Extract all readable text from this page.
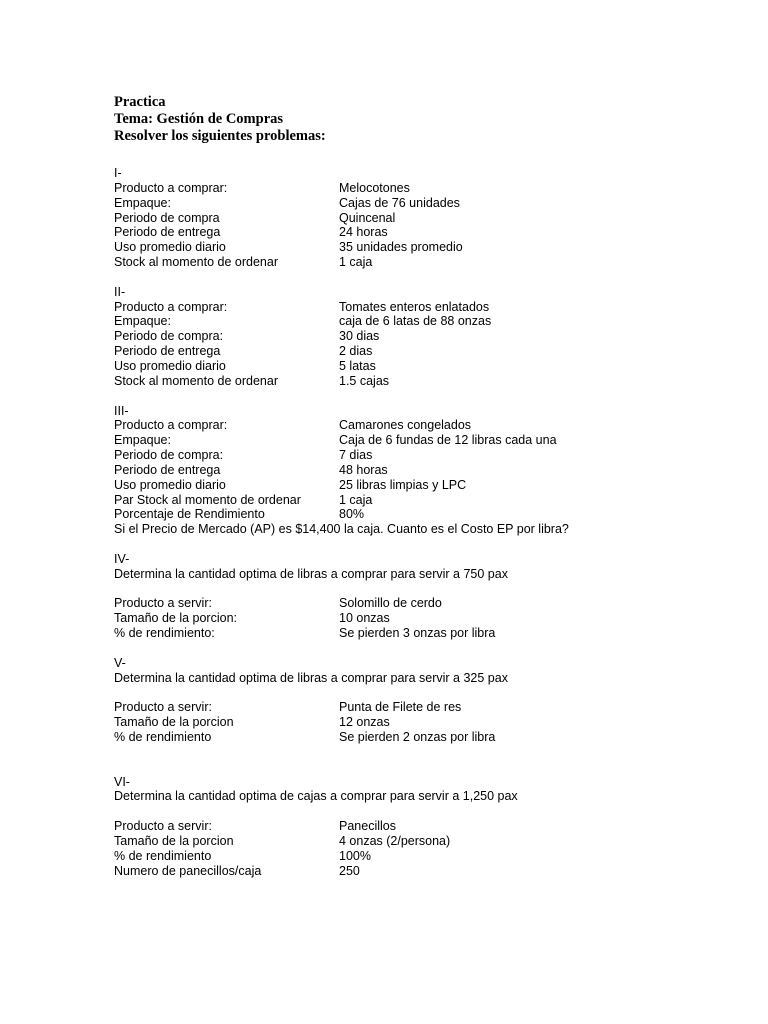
Practica
Tema: Gestión de Compras
Resolver los siguientes problemas:
I-
Producto a comprar:	Melocotones
Empaque:	Cajas de 76 unidades
Periodo de compra	Quincenal
Periodo de entrega	24 horas
Uso promedio diario	35 unidades promedio
Stock al momento de ordenar	1 caja
II-
Producto a comprar:	Tomates enteros enlatados
Empaque:	caja de 6 latas de 88 onzas
Periodo de compra:	30 dias
Periodo de entrega	2 dias
Uso promedio diario	5 latas
Stock al momento de ordenar	1.5 cajas
III-
Producto a comprar:	Camarones congelados
Empaque:	Caja de 6 fundas de 12 libras cada una
Periodo de compra:	7 dias
Periodo de entrega	48 horas
Uso promedio diario	25 libras limpias y LPC
Par Stock al momento de ordenar	1 caja
Porcentaje de Rendimiento	80%
Si el Precio de Mercado (AP) es $14,400 la caja. Cuanto es el Costo EP por libra?
IV-
Determina la cantidad optima de libras a comprar para servir a 750 pax
Producto a servir:	Solomillo de cerdo
Tamaño de la porcion:	10 onzas
% de rendimiento:	Se pierden 3 onzas por libra
V-
Determina la cantidad optima de libras a comprar para servir a 325 pax
Producto a servir:	Punta de Filete de res
Tamaño de la porcion	12 onzas
% de rendimiento	Se pierden 2 onzas por libra
VI-
Determina la cantidad optima de cajas a comprar para servir a 1,250 pax
Producto a servir:	Panecillos
Tamaño de la porcion	4 onzas (2/persona)
% de rendimiento	100%
Numero de panecillos/caja	250
